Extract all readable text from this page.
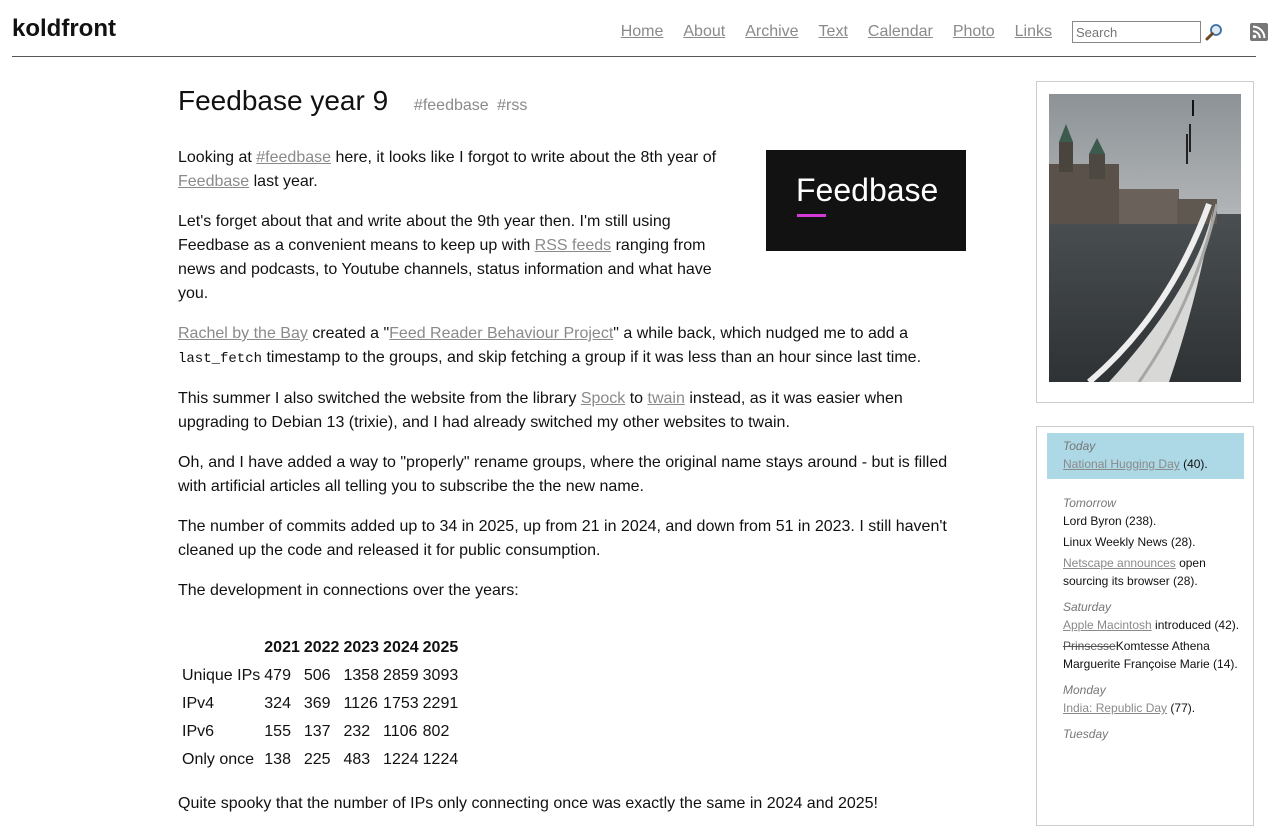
koldfront	Home About Archive Text Calendar Photo Links
Search
Feedbase year 9 #feedbase #rss

Feedbase
Looking at #feedbase here, it looks like I forgot to write about the 8th year of Feedbase last year.

Let's forget about that and write about the 9th year then. I'm still using Feedbase as a convenient means to keep up with RSS feeds ranging from news and podcasts, to Youtube channels, status information and what have you.

Rachel by the Bay created a "Feed Reader Behaviour Project" a while back, which nudged me to add a last_fetch timestamp to the groups, and skip fetching a group if it was less than an hour since last time.

This summer I also switched the website from the library Spock to twain instead, as it was easier when upgrading to Debian 13 (trixie), and I had already switched my other websites to twain.

Oh, and I have added a way to "properly" rename groups, where the original name stays around - but is filled with artificial articles all telling you to subscribe the the new name.

The number of commits added up to 34 in 2025, up from 21 in 2024, and down from 51 in 2023. I still haven't cleaned up the code and released it for public consumption.

The development in connections over the years:

	2021	2022	2023	2024	2025
Unique IPs	479	506	1358	2859	3093
IPv4	324	369	1126	1753	2291
IPv6	155	137	232	1106	802
Only once	138	225	483	1224	1224

Quite spooky that the number of IPs only connecting once was exactly the same in 2024 and 2025!

Today

National Hugging Day (40).

Tomorrow

Lord Byron (238).

Linux Weekly News (28).

Netscape announces open sourcing its browser (28).

Saturday

Apple Macintosh introduced (42).

PrinsesseKomtesse Athena Marguerite Françoise Marie (14).

Monday

India: Republic Day (77).

Tuesday
